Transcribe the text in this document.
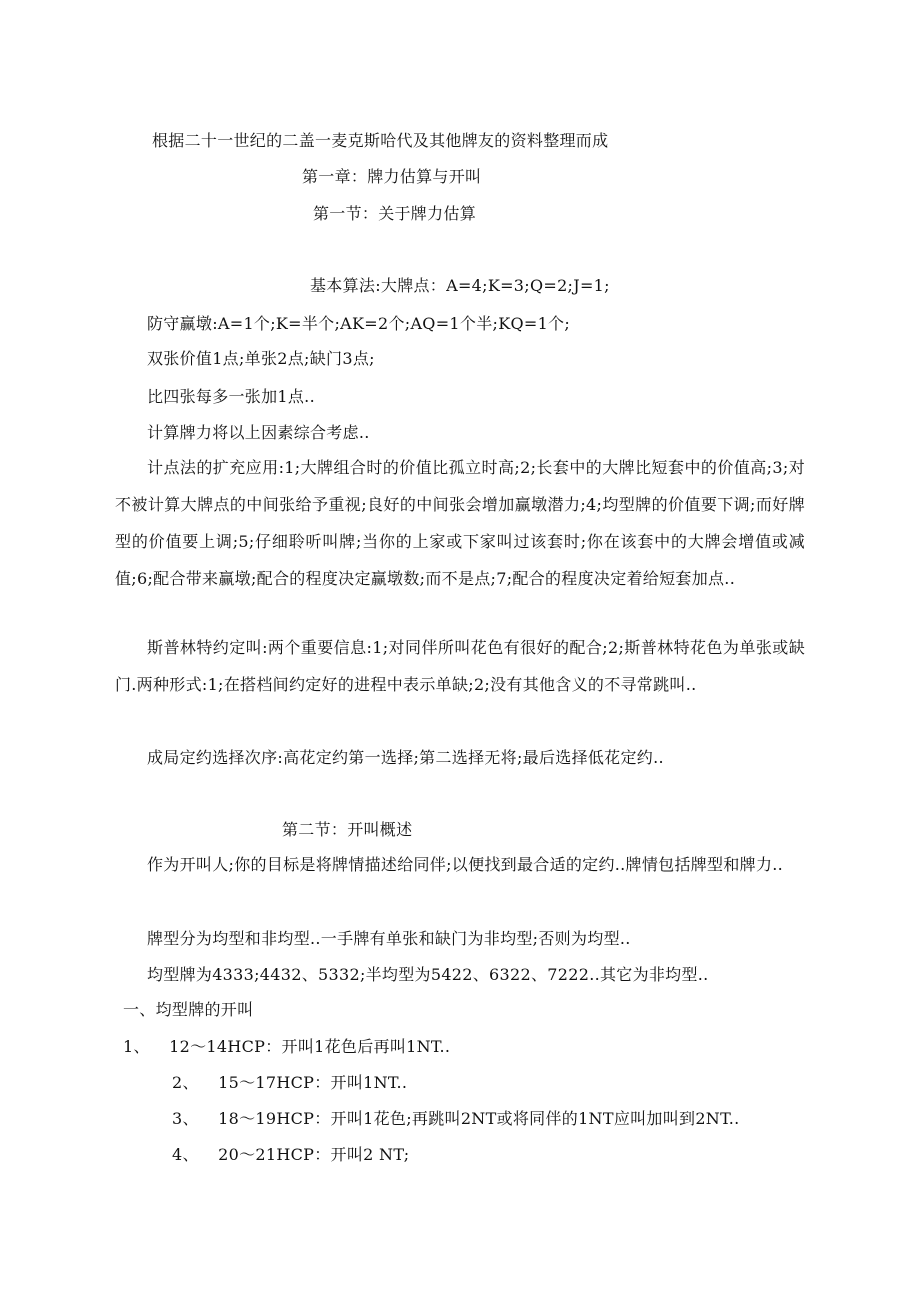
根据二十一世纪的二盖一麦克斯哈代及其他牌友的资料整理而成
第一章：牌力估算与开叫
第一节：关于牌力估算
基本算法:大牌点：A=4;K=3;Q=2;J=1;
防守赢墩:A=1个;K=半个;AK=2个;AQ=1个半;KQ=1个;
双张价值1点;单张2点;缺门3点;
比四张每多一张加1点..
计算牌力将以上因素综合考虑..

计点法的扩充应用:1;大牌组合时的价值比孤立时高;2;长套中的大牌比短套中的价值高;3;对不被计算大牌点的中间张给予重视;良好的中间张会增加赢墩潜力;4;均型牌的价值要下调;而好牌型的价值要上调;5;仔细聆听叫牌;当你的上家或下家叫过该套时;你在该套中的大牌会增值或减值;6;配合带来赢墩;配合的程度决定赢墩数;而不是点;7;配合的程度决定着给短套加点..

斯普林特约定叫:两个重要信息:1;对同伴所叫花色有很好的配合;2;斯普林特花色为单张或缺门.两种形式:1;在搭档间约定好的进程中表示单缺;2;没有其他含义的不寻常跳叫..

成局定约选择次序:高花定约第一选择;第二选择无将;最后选择低花定约..
第二节：开叫概述

作为开叫人;你的目标是将牌情描述给同伴;以便找到最合适的定约..牌情包括牌型和牌力..

牌型分为均型和非均型..一手牌有单张和缺门为非均型;否则为均型..
均型牌为4333;4432、5332;半均型为5422、6322、7222..其它为非均型..
一、均型牌的开叫
1、 12～14HCP：开叫1花色后再叫1NT..
2、 15～17HCP：开叫1NT..
3、 18～19HCP：开叫1花色;再跳叫2NT或将同伴的1NT应叫加叫到2NT..
4、 20～21HCP：开叫2 NT;
